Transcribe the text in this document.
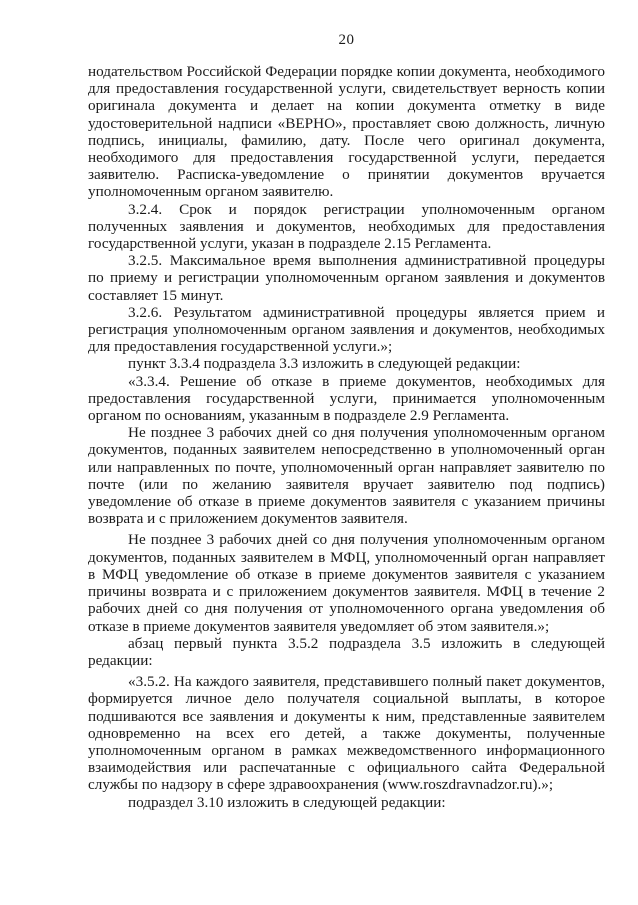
20

нодательством Российской Федерации порядке копии документа, необходимого для предоставления государственной услуги, свидетельствует верность копии оригинала документа и делает на копии документа отметку в виде удостоверительной надписи «ВЕРНО», проставляет свою должность, личную подпись, инициалы, фамилию, дату. После чего оригинал документа, необходимого для предоставления государственной услуги, передается заявителю. Расписка-уведомление о принятии документов вручается уполномоченным органом заявителю.

3.2.4. Срок и порядок регистрации уполномоченным органом полученных заявления и документов, необходимых для предоставления государственной услуги, указан в подразделе 2.15 Регламента.

3.2.5. Максимальное время выполнения административной процедуры по приему и регистрации уполномоченным органом заявления и документов составляет 15 минут.

3.2.6. Результатом административной процедуры является прием и регистрация уполномоченным органом заявления и документов, необходимых для предоставления государственной услуги.»;

пункт 3.3.4 подраздела 3.3 изложить в следующей редакции:

«3.3.4. Решение об отказе в приеме документов, необходимых для предоставления государственной услуги, принимается уполномоченным органом по основаниям, указанным в подразделе 2.9 Регламента.

Не позднее 3 рабочих дней со дня получения уполномоченным органом документов, поданных заявителем непосредственно в уполномоченный орган или направленных по почте, уполномоченный орган направляет заявителю по почте (или по желанию заявителя вручает заявителю под подпись) уведомление об отказе в приеме документов заявителя с указанием причины возврата и с приложением документов заявителя.

Не позднее 3 рабочих дней со дня получения уполномоченным органом документов, поданных заявителем в МФЦ, уполномоченный орган направляет в МФЦ уведомление об отказе в приеме документов заявителя с указанием причины возврата и с приложением документов заявителя. МФЦ в течение 2 рабочих дней со дня получения от уполномоченного органа уведомления об отказе в приеме документов заявителя уведомляет об этом заявителя.»;

абзац первый пункта 3.5.2 подраздела 3.5 изложить в следующей редакции:

«3.5.2. На каждого заявителя, представившего полный пакет документов, формируется личное дело получателя социальной выплаты, в которое подшиваются все заявления и документы к ним, представленные заявителем одновременно на всех его детей, а также документы, полученные уполномоченным органом в рамках межведомственного информационного взаимодействия или распечатанные с официального сайта Федеральной службы по надзору в сфере здравоохранения (www.roszdravnadzor.ru).»;

подраздел 3.10 изложить в следующей редакции:
